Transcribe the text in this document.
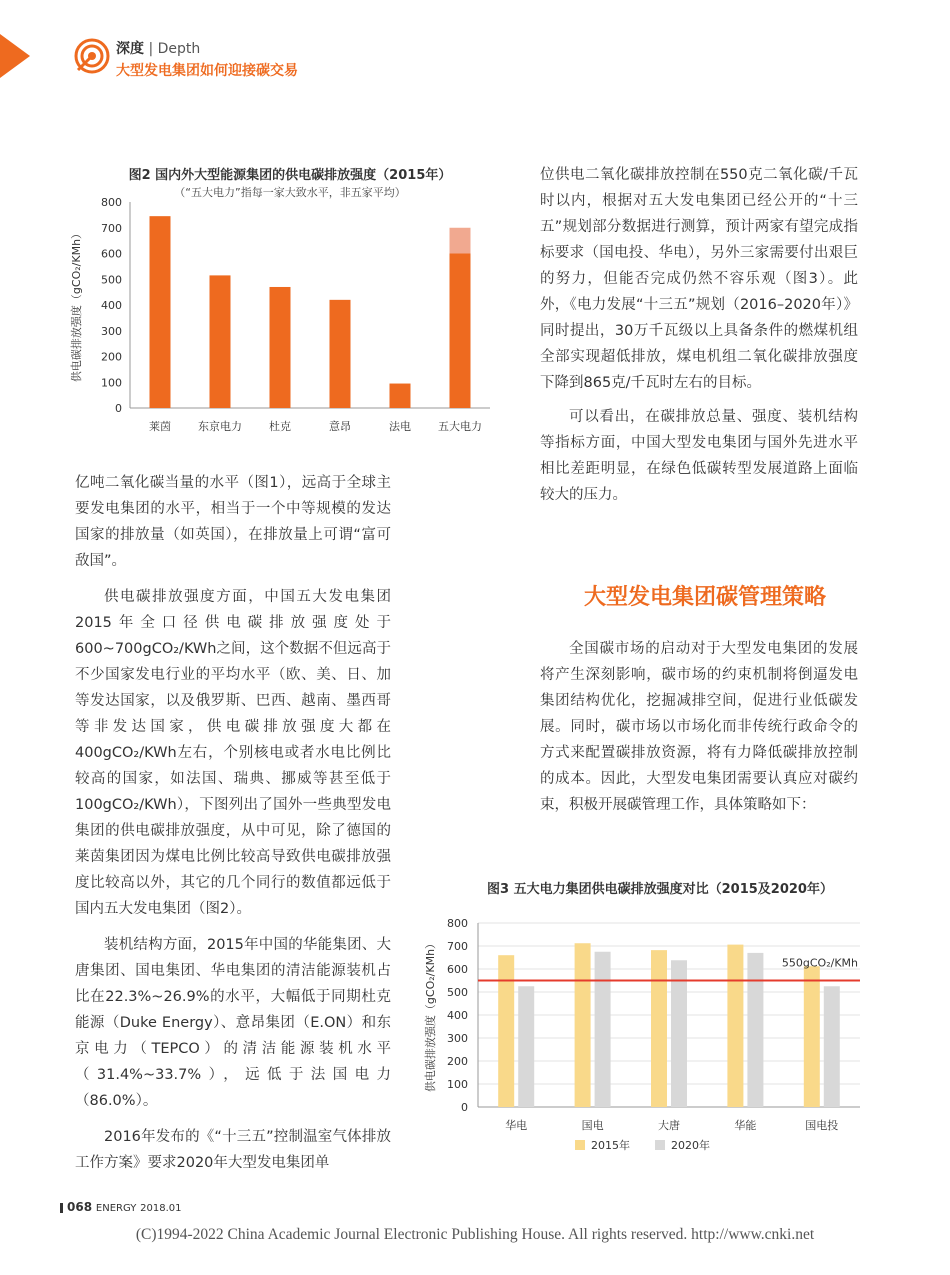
深度 | Depth
大型发电集团如何迎接碳交易
图2 国内外大型能源集团的供电碳排放强度（2015年）
（“五大电力”指每一家大致水平，非五家平均）
供电碳排放强度（gCO₂/KMh）
0
100
200
300
400
500
600
700
800
莱茵 东京电力 杜克	意昂	法电 五大电力

亿吨二氧化碳当量的水平（图1），远高于全球主要发电集团的水平，相当于一个中等规模的发达国家的排放量（如英国），在排放量上可谓“富可敌国”。

供电碳排放强度方面，中国五大发电集团2015年全口径供电碳排放强度处于600~700gCO₂/KWh之间，这个数据不但远高于不少国家发电行业的平均水平（欧、美、日、加等发达国家，以及俄罗斯、巴西、越南、墨西哥等非发达国家，供电碳排放强度大都在400gCO₂/KWh左右，个别核电或者水电比例比较高的国家，如法国、瑞典、挪威等甚至低于100gCO₂/KWh），下图列出了国外一些典型发电集团的供电碳排放强度，从中可见，除了德国的莱茵集团因为煤电比例比较高导致供电碳排放强度比较高以外，其它的几个同行的数值都远低于国内五大发电集团（图2）。

装机结构方面，2015年中国的华能集团、大唐集团、国电集团、华电集团的清洁能源装机占比在22.3%~26.9%的水平，大幅低于同期杜克能源（Duke Energy）、意昂集团（E.ON）和东京电力（TEPCO）的清洁能源装机水平（31.4%~33.7%），远低于法国电力（86.0%）。

2016年发布的《“十三五”控制温室气体排放工作方案》要求2020年大型发电集团单

位供电二氧化碳排放控制在550克二氧化碳/千瓦时以内，根据对五大发电集团已经公开的“十三五”规划部分数据进行测算，预计两家有望完成指标要求（国电投、华电），另外三家需要付出艰巨的努力，但能否完成仍然不容乐观（图3）。此外，《电力发展“十三五”规划（2016–2020年）》同时提出，30万千瓦级以上具备条件的燃煤机组全部实现超低排放，煤电机组二氧化碳排放强度下降到865克/千瓦时左右的目标。

可以看出，在碳排放总量、强度、装机结构等指标方面，中国大型发电集团与国外先进水平相比差距明显，在绿色低碳转型发展道路上面临较大的压力。

大型发电集团碳管理策略

全国碳市场的启动对于大型发电集团的发展将产生深刻影响，碳市场的约束机制将倒逼发电集团结构优化，挖掘减排空间，促进行业低碳发展。同时，碳市场以市场化而非传统行政命令的方式来配置碳排放资源，将有力降低碳排放控制的成本。因此，大型发电集团需要认真应对碳约束，积极开展碳管理工作，具体策略如下：

图3 五大电力集团供电碳排放强度对比（2015及2020年）
供电碳排放强度（gCO₂/KMh）
0
100
200
300
400
500
600
700
800
华电	国电	大唐	华能	国电投
550gCO₂/KMh
2015年	2020年
068 ENERGY 2018.01
(C)1994-2022 China Academic Journal Electronic Publishing House. All rights reserved. http://www.cnki.net
